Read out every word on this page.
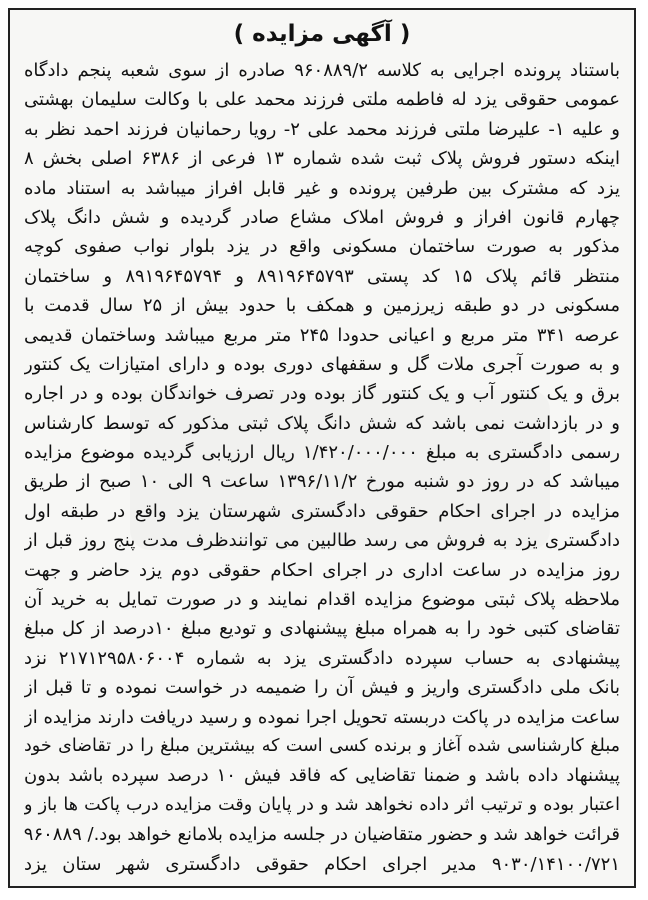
( آگهی مزایده )
باستناد پرونده اجرایی به کلاسه ۹۶۰۸۸۹/۲ صادره از سوی شعبه پنجم دادگاه
عمومی حقوقی یزد له فاطمه ملتی فرزند محمد علی با وکالت سلیمان بهشتی
و علیه ۱- علیرضا ملتی فرزند محمد علی ۲- رویا رحمانیان فرزند احمد نظر به
اینکه دستور فروش پلاک ثبت شده شماره ۱۳ فرعی از ۶۳۸۶ اصلی بخش ۸
یزد که مشترک بین طرفین پرونده و غیر قابل افراز میباشد به استناد ماده
چهارم قانون افراز و فروش املاک مشاع صادر گردیده و شش دانگ پلاک
مذکور به صورت ساختمان مسکونی واقع در یزد بلوار نواب صفوی کوچه
منتظر قائم پلاک ۱۵ کد پستی ۸۹۱۹۶۴۵۷۹۳ و ۸۹۱۹۶۴۵۷۹۴ و ساختمان
مسکونی در دو طبقه زیرزمین و همکف با حدود بیش از ۲۵ سال قدمت با
عرصه ۳۴۱ متر مربع و اعیانی حدودا ۲۴۵ متر مربع میباشد وساختمان قدیمی
و به صورت آجری ملات گل و سقفهای دوری بوده و دارای امتیازات یک کنتور
برق و یک کنتور آب و یک کنتور گاز بوده ودر تصرف خواندگان بوده و در اجاره
و در بازداشت نمی باشد که شش دانگ پلاک ثبتی مذکور که توسط کارشناس
رسمی دادگستری به مبلغ ۱/۴۲۰/۰۰۰/۰۰۰ ریال ارزیابی گردیده موضوع مزایده
میباشد که در روز دو شنبه مورخ ۱۳۹۶/۱۱/۲ ساعت ۹ الی ۱۰ صبح از طریق
مزایده در اجرای احکام حقوقی دادگستری شهرستان یزد واقع در طبقه اول
دادگستری یزد به فروش می رسد طالبین می توانندظرف مدت پنج روز قبل از
روز مزایده در ساعت اداری در اجرای احکام حقوقی دوم یزد حاضر و جهت
ملاحظه پلاک ثبتی موضوع مزایده اقدام نمایند و در صورت تمایل به خرید آن
تقاضای کتبی خود را به همراه مبلغ پیشنهادی و تودیع مبلغ ۱۰درصد از کل مبلغ
پیشنهادی به حساب سپرده دادگستری یزد به شماره ۲۱۷۱۲۹۵۸۰۶۰۰۴ نزد
بانک ملی دادگستری واریز و فیش آن را ضمیمه در خواست نموده و تا قبل از
ساعت مزایده در پاکت دربسته تحویل اجرا نموده و رسید دریافت دارند مزایده از
مبلغ کارشناسی شده آغاز و برنده کسی است که بیشترین مبلغ را در تقاضای خود
پیشنهاد داده باشد و ضمنا تقاضایی که فاقد فیش ۱۰ درصد سپرده باشد بدون
اعتبار بوده و ترتیب اثر داده نخواهد شد و در پایان وقت مزایده درب پاکت ها باز و
قرائت خواهد شد و حضور متقاضیان در جلسه مزایده بلامانع خواهد بود./ ۹۶۰۸۸۹
۹۰۳۰/۱۴۱۰۰/۷۲۱ مدیر اجرای احکام حقوقی دادگستری شهر ستان یزد
